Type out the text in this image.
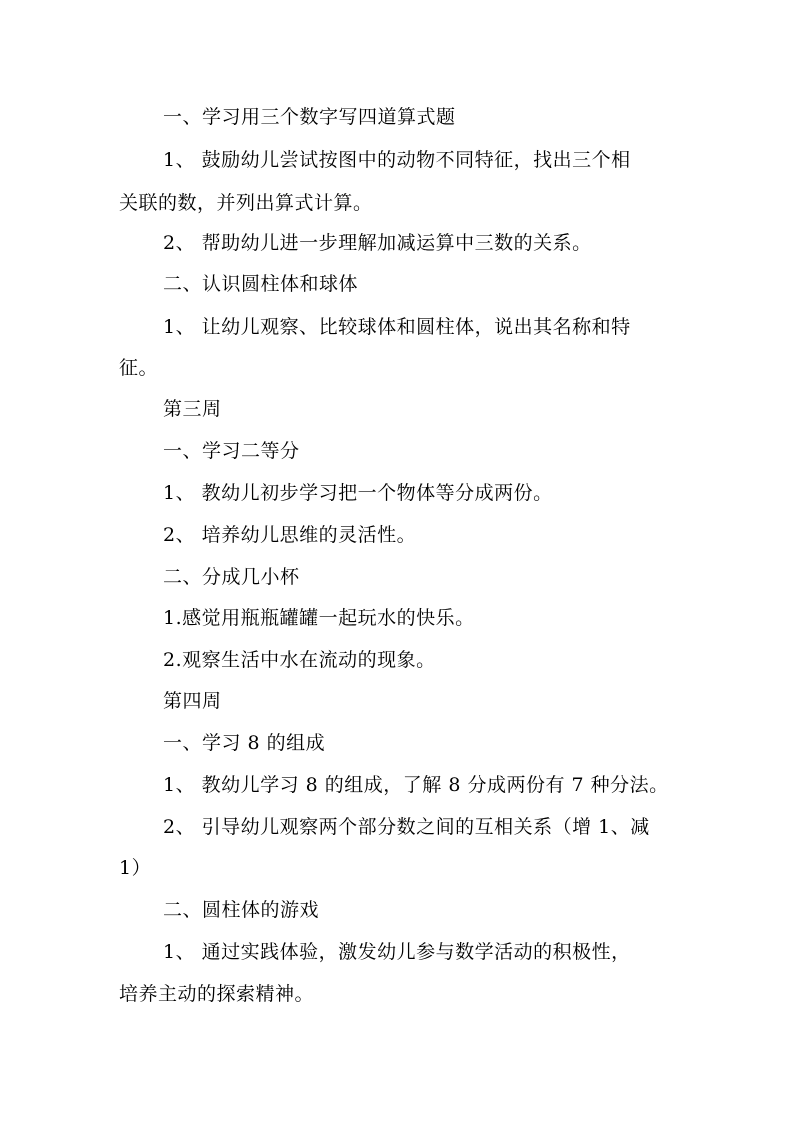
一、学习用三个数字写四道算式题
1、 鼓励幼儿尝试按图中的动物不同特征，找出三个相
关联的数，并列出算式计算。
2、 帮助幼儿进一步理解加减运算中三数的关系。
二、认识圆柱体和球体
1、 让幼儿观察、比较球体和圆柱体，说出其名称和特
征。
第三周
一、学习二等分
1、 教幼儿初步学习把一个物体等分成两份。
2、 培养幼儿思维的灵活性。
二、分成几小杯
1.感觉用瓶瓶罐罐一起玩水的快乐。
2.观察生活中水在流动的现象。
第四周
一、学习 8 的组成
1、 教幼儿学习 8 的组成，了解 8 分成两份有 7 种分法。
2、 引导幼儿观察两个部分数之间的互相关系（增 1、减
1）
二、圆柱体的游戏
1、 通过实践体验，激发幼儿参与数学活动的积极性，
培养主动的探索精神。
